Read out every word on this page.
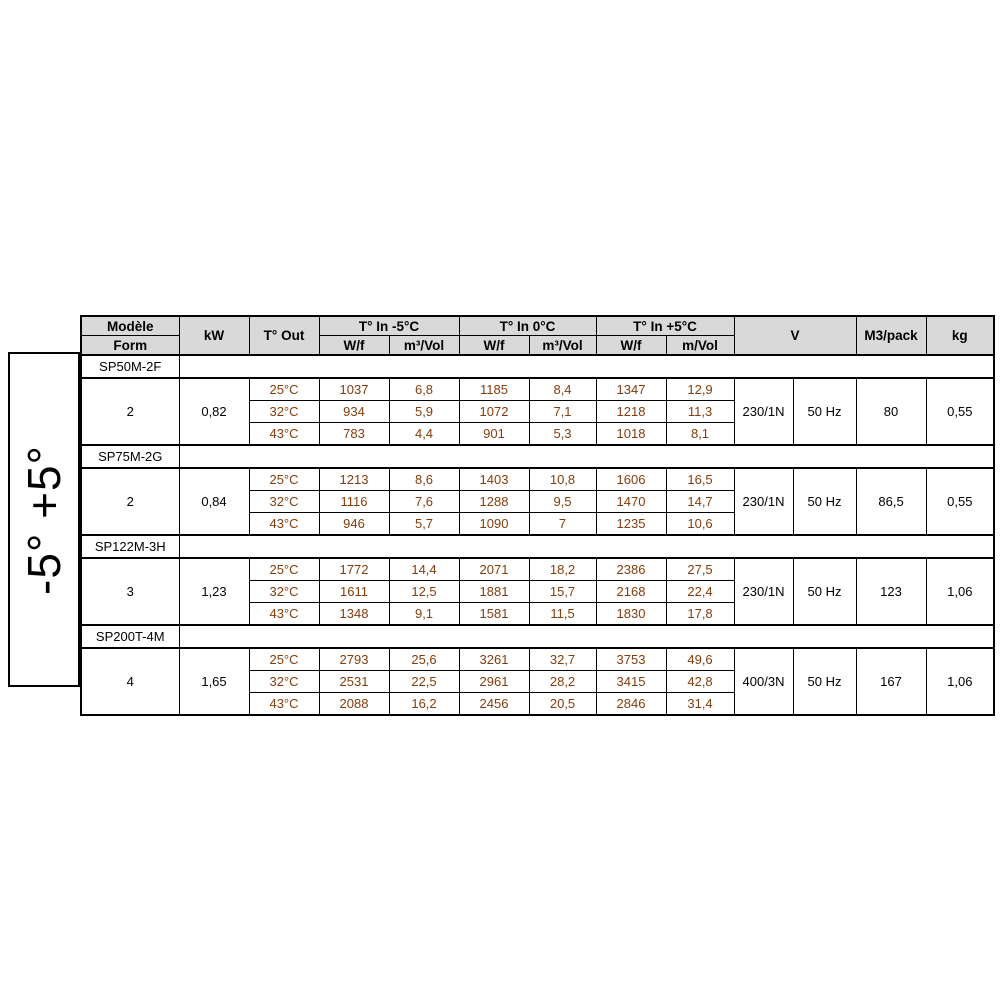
-5° +5°
Modèle	kW	T° Out	T° In -5°C		T° In 0°C		T° In +5°C		V		M3/pack	kg
Form			W/f	m³/Vol	W/f	m³/Vol	W/f	m/Vol				
SP50M-2F												
2	0,82	25°C	1037	6,8	1185	8,4	1347	12,9	230/1N	50 Hz	80	0,55
		32°C	934	5,9	1072	7,1	1218	11,3				
		43°C	783	4,4	901	5,3	1018	8,1				
SP75M-2G												
2	0,84	25°C	1213	8,6	1403	10,8	1606	16,5	230/1N	50 Hz	86,5	0,55
		32°C	1116	7,6	1288	9,5	1470	14,7				
		43°C	946	5,7	1090	7	1235	10,6				
SP122M-3H												
3	1,23	25°C	1772	14,4	2071	18,2	2386	27,5	230/1N	50 Hz	123	1,06
		32°C	1611	12,5	1881	15,7	2168	22,4				
		43°C	1348	9,1	1581	11,5	1830	17,8				
SP200T-4M												
4	1,65	25°C	2793	25,6	3261	32,7	3753	49,6	400/3N	50 Hz	167	1,06
		32°C	2531	22,5	2961	28,2	3415	42,8				
		43°C	2088	16,2	2456	20,5	2846	31,4				
